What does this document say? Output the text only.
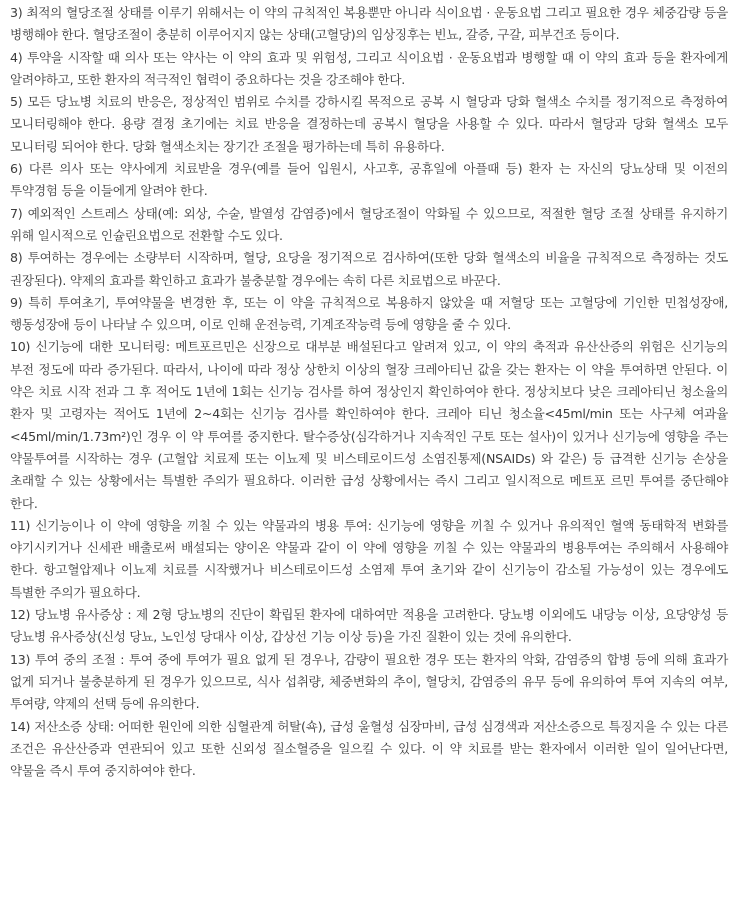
3) 최적의 혈당조절 상태를 이루기 위해서는 이 약의 규칙적인 복용뿐만 아니라 식이요법 · 운동요법 그리고 필요한 경우 체중감량 등을 병행해야 한다. 혈당조절이 충분히 이루어지지 않는 상태(고혈당)의 임상징후는 빈뇨, 갈증, 구갈, 피부건조 등이다.

4) 투약을 시작할 때 의사 또는 약사는 이 약의 효과 및 위험성, 그리고 식이요법 · 운동요법과 병행할 때 이 약의 효과 등을 환자에게 알려야하고, 또한 환자의 적극적인 협력이 중요하다는 것을 강조해야 한다.

5) 모든 당뇨병 치료의 반응은, 정상적인 범위로 수치를 강하시킬 목적으로 공복 시 혈당과 당화 혈색소 수치를 정기적으로 측정하여 모니터링해야 한다. 용량 결정 초기에는 치료 반응을 결정하는데 공복시 혈당을 사용할 수 있다. 따라서 혈당과 당화 혈색소 모두 모니터링 되어야 한다. 당화 혈색소치는 장기간 조절을 평가하는데 특히 유용하다.

6) 다른 의사 또는 약사에게 치료받을 경우(예를 들어 입원시, 사고후, 공휴일에 아플때 등) 환자 는 자신의 당뇨상태 및 이전의 투약경험 등을 이들에게 알려야 한다.

7) 예외적인 스트레스 상태(예: 외상, 수술, 발열성 감염증)에서 혈당조절이 악화될 수 있으므로, 적절한 혈당 조절 상태를 유지하기 위해 일시적으로 인슐린요법으로 전환할 수도 있다.

8) 투여하는 경우에는 소량부터 시작하며, 혈당, 요당을 정기적으로 검사하여(또한 당화 혈색소의 비율을 규칙적으로 측정하는 것도 권장된다). 약제의 효과를 확인하고 효과가 불충분할 경우에는 속히 다른 치료법으로 바꾼다.

9) 특히 투여초기, 투여약물을 변경한 후, 또는 이 약을 규칙적으로 복용하지 않았을 때 저혈당 또는 고혈당에 기인한 민첩성장애, 행동성장애 등이 나타날 수 있으며, 이로 인해 운전능력, 기계조작능력 등에 영향을 줄 수 있다.

10) 신기능에 대한 모니터링: 메트포르민은 신장으로 대부분 배설된다고 알려져 있고, 이 약의 축적과 유산산증의 위험은 신기능의 부전 정도에 따라 증가된다. 따라서, 나이에 따라 정상 상한치 이상의 혈장 크레아티닌 값을 갖는 환자는 이 약을 투여하면 안된다. 이 약은 치료 시작 전과 그 후 적어도 1년에 1회는 신기능 검사를 하여 정상인지 확인하여야 한다. 정상치보다 낮은 크레아티닌 청소율의 환자 및 고령자는 적어도 1년에 2~4회는 신기능 검사를 확인하여야 한다. 크레아 티닌 청소율<45ml/min 또는 사구체 여과율<45ml/min/1.73m²)인 경우 이 약 투여를 중지한다. 탈수증상(심각하거나 지속적인 구토 또는 설사)이 있거나 신기능에 영향을 주는 약물투여를 시작하는 경우 (고혈압 치료제 또는 이뇨제 및 비스테로이드성 소염진통제(NSAIDs) 와 같은) 등 급격한 신기능 손상을 초래할 수 있는 상황에서는 특별한 주의가 필요하다. 이러한 급성 상황에서는 즉시 그리고 일시적으로 메트포 르민 투여를 중단해야 한다.

11) 신기능이나 이 약에 영향을 끼칠 수 있는 약물과의 병용 투여: 신기능에 영향을 끼칠 수 있거나 유의적인 혈액 동태학적 변화를 야기시키거나 신세관 배출로써 배설되는 양이온 약물과 같이 이 약에 영향을 끼칠 수 있는 약물과의 병용투여는 주의해서 사용해야 한다. 항고혈압제나 이뇨제 치료를 시작했거나 비스테로이드성 소염제 투여 초기와 같이 신기능이 감소될 가능성이 있는 경우에도 특별한 주의가 필요하다.

12) 당뇨병 유사증상 : 제 2형 당뇨병의 진단이 확립된 환자에 대하여만 적용을 고려한다. 당뇨병 이외에도 내당능 이상, 요당양성 등 당뇨병 유사증상(신성 당뇨, 노인성 당대사 이상, 갑상선 기능 이상 등)을 가진 질환이 있는 것에 유의한다.

13) 투여 중의 조절 : 투여 중에 투여가 필요 없게 된 경우나, 감량이 필요한 경우 또는 환자의 악화, 감염증의 합병 등에 의해 효과가 없게 되거나 불충분하게 된 경우가 있으므로, 식사 섭취량, 체중변화의 추이, 혈당치, 감염증의 유무 등에 유의하여 투여 지속의 여부, 투여량, 약제의 선택 등에 유의한다.

14) 저산소증 상태: 어떠한 원인에 의한 심혈관계 허탈(쇽), 급성 울혈성 심장마비, 급성 심경색과 저산소증으로 특징지을 수 있는 다른 조건은 유산산증과 연관되어 있고 또한 신외성 질소혈증을 일으킬 수 있다. 이 약 치료를 받는 환자에서 이러한 일이 일어난다면, 약물을 즉시 투여 중지하여야 한다.
